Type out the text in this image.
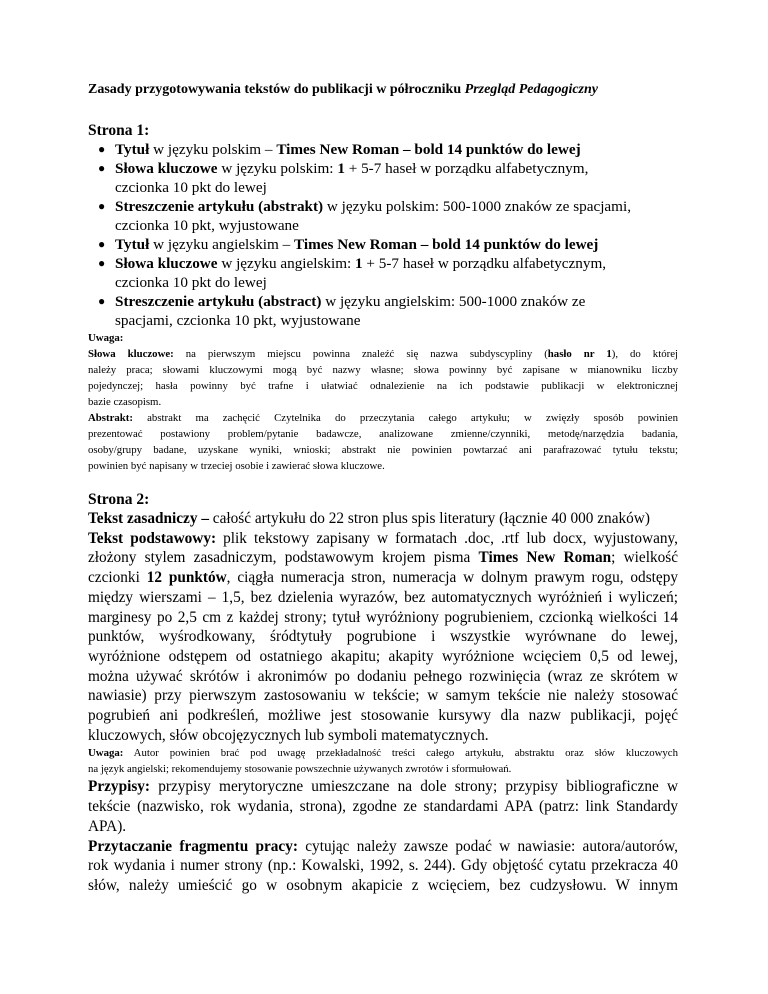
Zasady przygotowywania tekstów do publikacji w półroczniku Przegląd Pedagogiczny

Strona 1:
● Tytuł w języku polskim – Times New Roman – bold 14 punktów do lewej
● Słowa kluczowe w języku polskim: 1 + 5-7 haseł w porządku alfabetycznym,
czcionka 10 pkt do lewej
● Streszczenie artykułu (abstrakt) w języku polskim: 500-1000 znaków ze spacjami,
czcionka 10 pkt, wyjustowane
● Tytuł w języku angielskim – Times New Roman – bold 14 punktów do lewej
● Słowa kluczowe w języku angielskim: 1 + 5-7 haseł w porządku alfabetycznym,
czcionka 10 pkt do lewej
● Streszczenie artykułu (abstract) w języku angielskim: 500-1000 znaków ze
spacjami, czcionka 10 pkt, wyjustowane
Uwaga:
Słowa kluczowe: na pierwszym miejscu powinna znaleźć się nazwa subdyscypliny (hasło nr 1), do której
należy praca; słowami kluczowymi mogą być nazwy własne; słowa powinny być zapisane w mianowniku liczby
pojedynczej; hasła powinny być trafne i ułatwiać odnalezienie na ich podstawie publikacji w elektronicznej
bazie czasopism.
Abstrakt: abstrakt ma zachęcić Czytelnika do przeczytania całego artykułu; w zwięzły sposób powinien
prezentować postawiony problem/pytanie badawcze, analizowane zmienne/czynniki, metodę/narzędzia badania,
osoby/grupy badane, uzyskane wyniki, wnioski; abstrakt nie powinien powtarzać ani parafrazować tytułu tekstu;
powinien być napisany w trzeciej osobie i zawierać słowa kluczowe.
Strona 2:
Tekst zasadniczy – całość artykułu do 22 stron plus spis literatury (łącznie 40 000 znaków)
Tekst podstawowy: plik tekstowy zapisany w formatach .doc, .rtf lub docx, wyjustowany,
złożony stylem zasadniczym, podstawowym krojem pisma Times New Roman; wielkość
czcionki 12 punktów, ciągła numeracja stron, numeracja w dolnym prawym rogu, odstępy
między wierszami – 1,5, bez dzielenia wyrazów, bez automatycznych wyróżnień i wyliczeń;
marginesy po 2,5 cm z każdej strony; tytuł wyróżniony pogrubieniem, czcionką wielkości 14
punktów, wyśrodkowany, śródtytuły pogrubione i wszystkie wyrównane do lewej,
wyróżnione odstępem od ostatniego akapitu; akapity wyróżnione wcięciem 0,5 od lewej,
można używać skrótów i akronimów po dodaniu pełnego rozwinięcia (wraz ze skrótem w
nawiasie) przy pierwszym zastosowaniu w tekście; w samym tekście nie należy stosować
pogrubień ani podkreśleń, możliwe jest stosowanie kursywy dla nazw publikacji, pojęć
kluczowych, słów obcojęzycznych lub symboli matematycznych.
Uwaga: Autor powinien brać pod uwagę przekładalność treści całego artykułu, abstraktu oraz słów kluczowych
na język angielski; rekomendujemy stosowanie powszechnie używanych zwrotów i sformułowań.
Przypisy: przypisy merytoryczne umieszczane na dole strony; przypisy bibliograficzne w
tekście (nazwisko, rok wydania, strona), zgodne ze standardami APA (patrz: link Standardy
APA).
Przytaczanie fragmentu pracy: cytując należy zawsze podać w nawiasie: autora/autorów,
rok wydania i numer strony (np.: Kowalski, 1992, s. 244). Gdy objętość cytatu przekracza 40
słów, należy umieścić go w osobnym akapicie z wcięciem, bez cudzysłowu. W innym
